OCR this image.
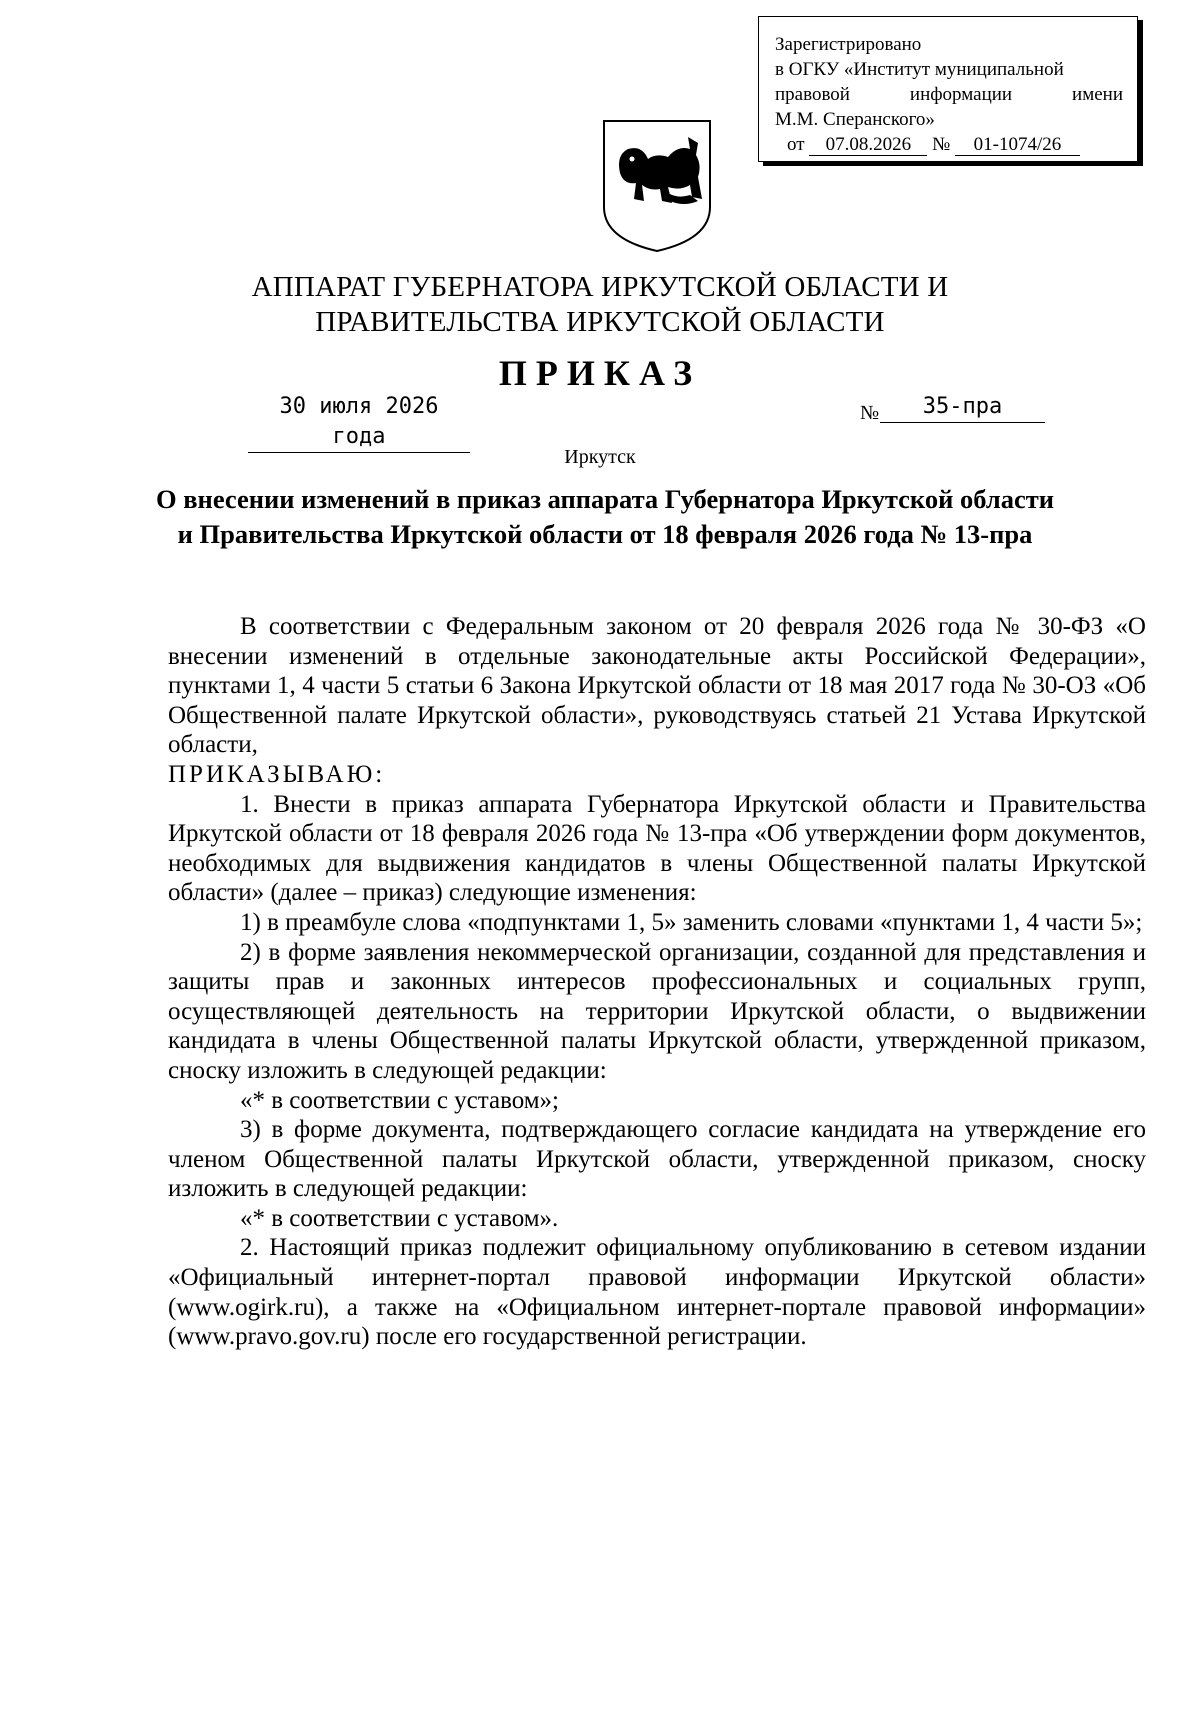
Зарегистрировано
в ОГКУ «Институт муниципальной
правовой информации имени
М.М. Сперанского»
от 07.08.2026 № 01-1074/26
АППАРАТ ГУБЕРНАТОРА ИРКУТСКОЙ ОБЛАСТИ И
ПРАВИТЕЛЬСТВА ИРКУТСКОЙ ОБЛАСТИ
ПРИКАЗ
30 июля 2026 года
№	35-пра
Иркутск
О внесении изменений в приказ аппарата Губернатора Иркутской области
и Правительства Иркутской области от 18 февраля 2026 года № 13-пра

В соответствии с Федеральным законом от 20 февраля 2026 года № 30-ФЗ «О внесении изменений в отдельные законодательные акты Российской Федерации», пунктами 1, 4 части 5 статьи 6 Закона Иркутской области от 18 мая 2017 года № 30-ОЗ «Об Общественной палате Иркутской области», руководствуясь статьей 21 Устава Иркутской области,

ПРИКАЗЫВАЮ:

1. Внести в приказ аппарата Губернатора Иркутской области и Правительства Иркутской области от 18 февраля 2026 года № 13-пра «Об утверждении форм документов, необходимых для выдвижения кандидатов в члены Общественной палаты Иркутской области» (далее – приказ) следующие изменения:

1) в преамбуле слова «подпунктами 1, 5» заменить словами «пунктами 1, 4 части 5»;

2) в форме заявления некоммерческой организации, созданной для представления и защиты прав и законных интересов профессиональных и социальных групп, осуществляющей деятельность на территории Иркутской области, о выдвижении кандидата в члены Общественной палаты Иркутской области, утвержденной приказом, сноску изложить в следующей редакции:

«* в соответствии с уставом»;

3) в форме документа, подтверждающего согласие кандидата на утверждение его членом Общественной палаты Иркутской области, утвержденной приказом, сноску изложить в следующей редакции:

«* в соответствии с уставом».

2. Настоящий приказ подлежит официальному опубликованию в сетевом издании «Официальный интернет-портал правовой информации Иркутской области» (www.ogirk.ru), а также на «Официальном интернет-портале правовой информации» (www.pravo.gov.ru) после его государственной регистрации.
